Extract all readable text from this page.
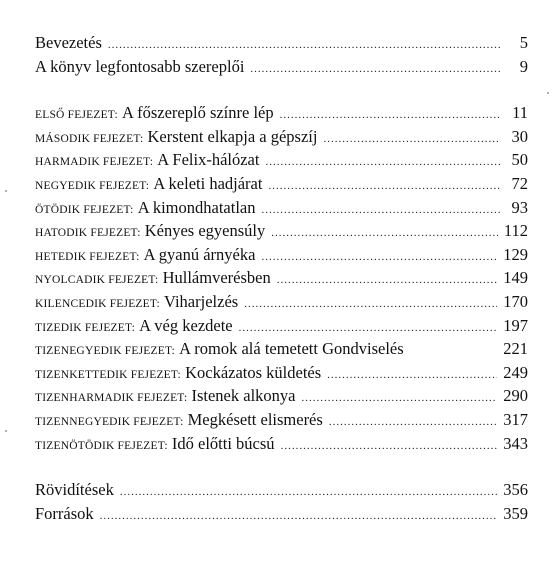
Bevezetés .....	5
A könyv legfontosabb szereplői .....	9
ELSŐ FEJEZET:
A főszereplő színre lép .....	11
MÁSODIK FEJEZET:
Kerstent elkapja a gépszíj .....	30
HARMADIK FEJEZET:
A Felix-hálózat .....	50
NEGYEDIK FEJEZET:
A keleti hadjárat .....	72
ÖTÖDIK FEJEZET:
A kimondhatatlan .....	93
HATODIK FEJEZET:
Kényes egyensúly .....	112
HETEDIK FEJEZET:
A gyanú árnyéka .....	129
NYOLCADIK FEJEZET:
Hullámverésben .....	149
KILENCEDIK FEJEZET:
Viharjelzés .....	170
TIZEDIK FEJEZET:
A vég kezdete .....	197
TIZENEGYEDIK FEJEZET:
A romok alá temetett Gondviselés	221
TIZENKETTEDIK FEJEZET:
Kockázatos küldetés .....	249
TIZENHARMADIK FEJEZET:
Istenek alkonya .....	290
TIZENNEGYEDIK FEJEZET:
Megkésett elismerés .....	317
TIZENÖTÖDIK FEJEZET:
Idő előtti búcsú .....	343
Rövidítések .....	356
Források .....	359
